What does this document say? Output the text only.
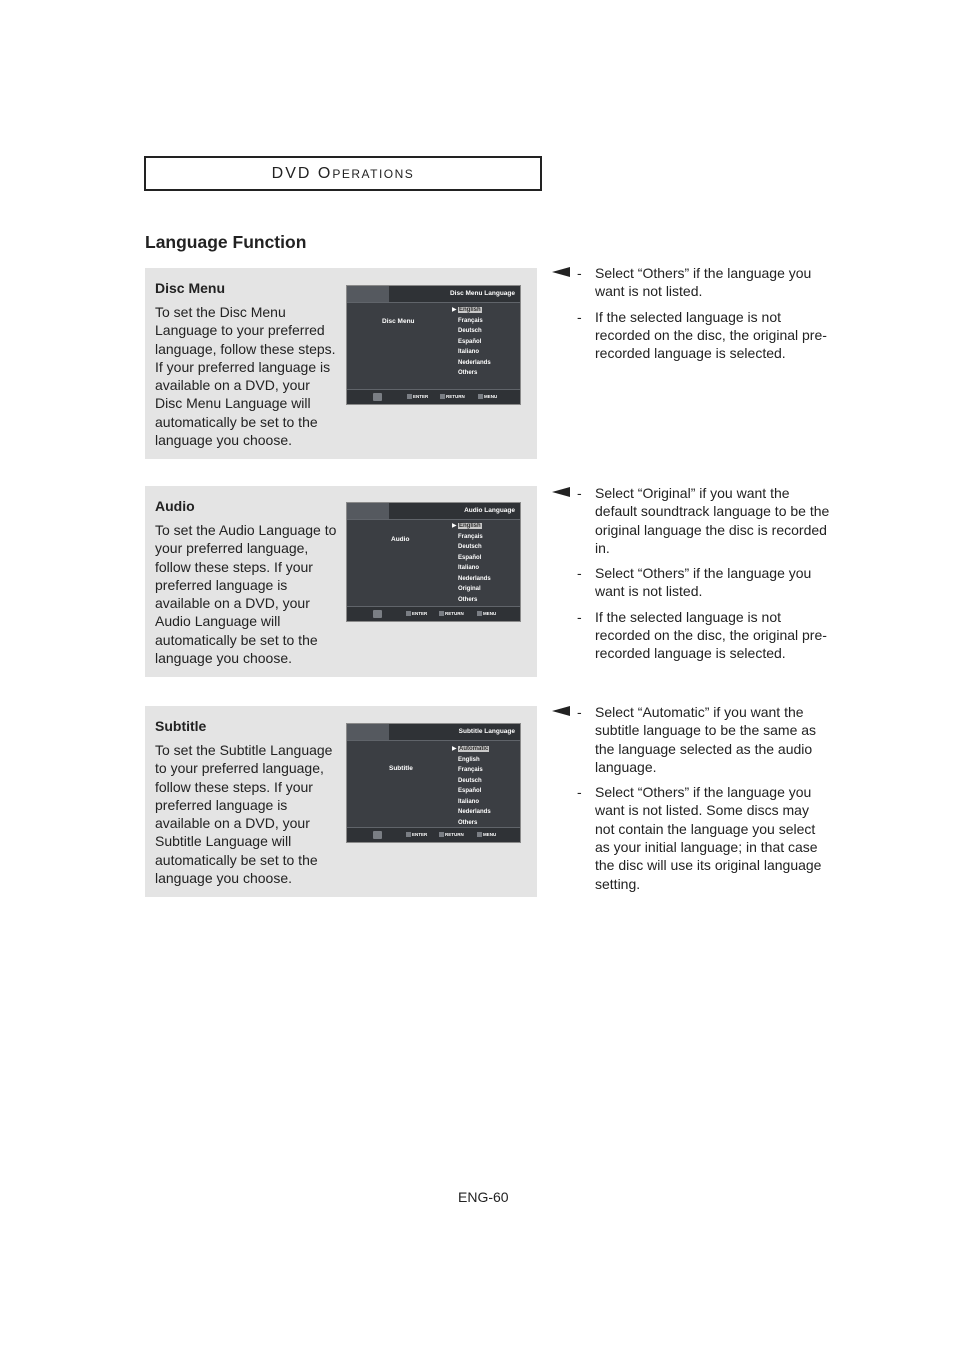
DVD O PERATIONS
Language Function
Disc Menu
To set the Disc Menu Language to your preferred language, follow these steps. If your preferred language is available on a DVD, your Disc Menu Language will automatically be set to the language you choose.
Disc Menu Language
Disc Menu
▶ English
Français
Deutsch
Español
Italiano
Nederlands
Others
ENTER	RETURN	MENU
- Select “Others” if the language you want is not listed.
- If the selected language is not recorded on the disc, the original pre-recorded language is selected.
Audio
To set the Audio Language to your preferred language, follow these steps. If your preferred language is available on a DVD, your Audio Language will automatically be set to the language you choose.
Audio Language
Audio
▶ English
Français
Deutsch
Español
Italiano
Nederlands
Original
Others
ENTER	RETURN	MENU
- Select “Original” if you want the default soundtrack language to be the original language the disc is recorded in.
- Select “Others” if the language you want is not listed.
- If the selected language is not recorded on the disc, the original pre-recorded language is selected.
Subtitle
To set the Subtitle Language to your preferred language, follow these steps. If your preferred language is available on a DVD, your Subtitle Language will automatically be set to the language you choose.
Subtitle Language
Subtitle
▶ Automatic
English
Français
Deutsch
Español
Italiano
Nederlands
Others
ENTER	RETURN	MENU
- Select “Automatic” if you want the subtitle language to be the same as the language selected as the audio language.
- Select “Others” if the language you want is not listed. Some discs may not contain the language you select as your initial language; in that case the disc will use its original language setting.
ENG-60
